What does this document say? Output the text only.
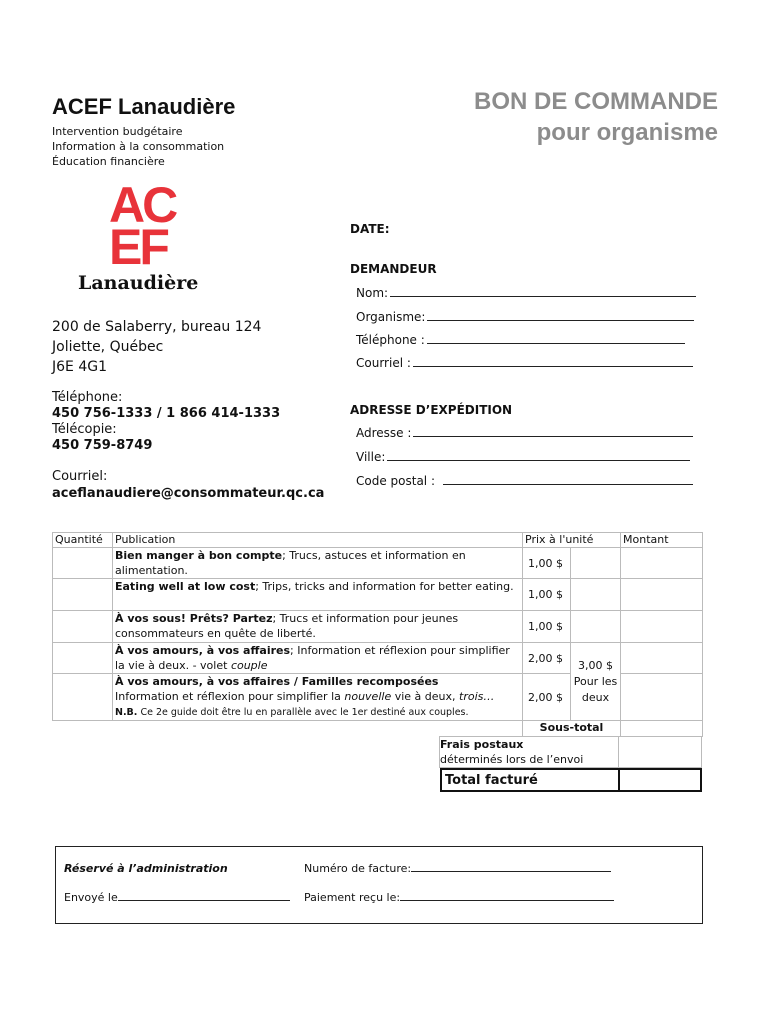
ACEF Lanaudière
Intervention budgétaire
Information à la consommation
Éducation financière
BON DE COMMANDE
pour organisme
AC
EF
Lanaudière
200 de Salaberry, bureau 124
Joliette, Québec
J6E 4G1
Téléphone:
450 756-1333 / 1 866 414-1333
Télécopie:
450 759-8749
Courriel:
aceflanaudiere@consommateur.qc.ca
DATE:
DEMANDEUR
Nom:
Organisme:
Téléphone :
Courriel :
ADRESSE D’EXPÉDITION
Adresse :
Ville:
Code postal :
Quantité	Publication	Prix à l'unité		Montant
	Bien manger à bon compte; Trucs, astuces et information en alimentation.	1,00 $		
	Eating well at low cost; Trips, tricks and information for better eating.	1,00 $		
	À vos sous! Prêts? Partez; Trucs et information pour jeunes consommateurs en quête de liberté.	1,00 $		
	À vos amours, à vos affaires; Information et réflexion pour simplifier la vie à deux. - volet couple	2,00 $	3,00 $
Pour les deux	
	À vos amours, à vos affaires / Familles recomposées
Information et réflexion pour simplifier la nouvelle vie à deux, trois…
N.B. Ce 2e guide doit être lu en parallèle avec le 1er destiné aux couples.	2,00 $		
		Sous-total		
Frais postaux
déterminés lors de l’envoi
Total facturé
Réservé à l’administration	Numéro de facture:
Envoyé le	Paiement reçu le:
